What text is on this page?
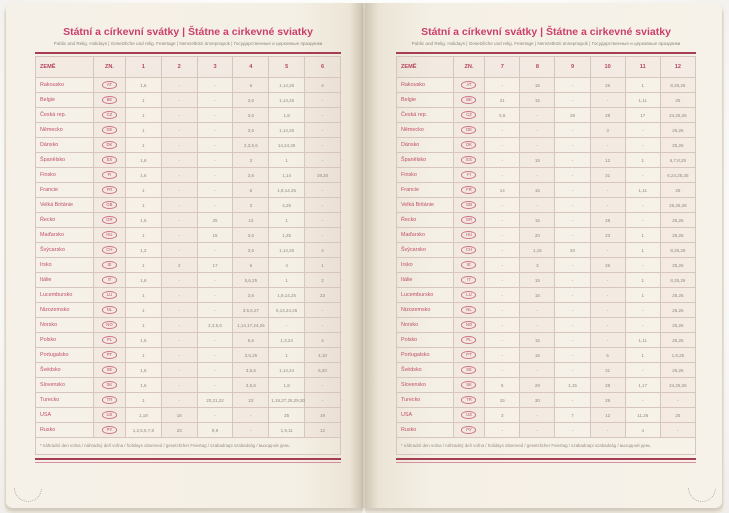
Státní a církevní svátky | Štátne a cirkevné sviatky
Public and Relig. Holidays | Gesetzliche und relig. Feiertage | Nemzetközi ünnepnapok | Государственные и церковные праздники
ZEMĚ	ZN.	1	2	3	4	5	6
Rakousko	AT	1,6	-	-	6	1,14,25	4
Belgie	BE	1	-	-	3,6	1,14,25	-
Česká rep.	CZ	1	-	-	3,6	1,8	-
Německo	DE	1	-	-	3,6	1,14,25	-
Dánsko	DK	1	-	-	2,3,5,6	14,24,25	-
Španělsko	ES	1,6	-	-	3	1	-
Finsko	FI	1,6	-	-	3,6	1,14	19,20
Francie	FR	1	-	-	6	1,8,14,25	-
Velká Británie	GB	1	-	-	3	4,25	-
Řecko	GR	1,6	-	25	13	1	-
Maďarsko	HU	1	-	15	3,6	1,25	-
Švýcarsko	CH	1,2	-	-	3,6	1,14,25	4
Irsko	IE	1	2	17	6	4	1
Itálie	IT	1,6	-	-	5,6,25	1	2
Lucembursko	LU	1	-	-	3,6	1,9,14,25	23
Nizozemsko	NL	1	-	-	3,5,6,27	5,14,24,25	-
Norsko	NO	1	-	2,3,5,6	1,14,17,24,25	-	-
Polsko	PL	1,6	-	-	5,6	1,3,24	4
Portugalsko	PT	1	-	-	3,5,25	1	4,10
Švédsko	SE	1,6	-	-	3,5,6	1,14,24	6,20
Slovensko	SK	1,6	-	-	3,5,6	1,8	-
Turecko	TR	1	-	20,21,22	23	1,19,27,28,29,30	-
USA	US	1,19	16	-	-	25	19
Rusko	РУ	1,2,5,6,7,8	23	8,9	-	1,9,11	12
* náhradní den volna / náhradný deň voľna / holidays observed / gesetzlicher Feiertag / szabadnapi szabadság / выходной день							
Státní a církevní svátky | Štátne a cirkevné sviatky
Public and Relig. Holidays | Gesetzliche und relig. Feiertage | Nemzetközi ünnepnapok | Государственные и церковные праздники
ZEMĚ	ZN.	7	8	9	10	11	12
Rakousko	AT	-	15	-	26	1	8,25,26
Belgie	BE	21	15	-	-	1,11	25
Česká rep.	CZ	5,6	-	28	28	17	24,25,26
Německo	DE	-	-	-	3	-	25,26
Dánsko	DK	-	-	-	-	-	25,26
Španělsko	ES	-	15	-	12	1	6,7,8,25
Finsko	FI	-	-	-	31	-	6,24,25,26
Francie	FR	14	15	-	-	1,11	25
Velká Británie	GB	-	-	-	-	-	25,26,28
Řecko	GR	-	15	-	28	-	25,26
Maďarsko	HU	-	20	-	23	1	25,26
Švýcarsko	CH	-	1,15	20	-	1	8,25,26
Irsko	IE	-	3	-	26	-	25,26
Itálie	IT	-	15	-	-	1	8,25,26
Lucembursko	LU	-	15	-	-	1	25,26
Nizozemsko	NL	-	-	-	-	-	25,26
Norsko	NO	-	-	-	-	-	25,26
Polsko	PL	-	15	-	-	1,11	25,26
Portugalsko	PT	-	15	-	5	1	1,8,25
Švédsko	SE	-	-	-	31	-	25,26
Slovensko	SK	5	29	1,15	28	1,17	24,25,26
Turecko	TR	15	30	-	29	-	-
USA	US	3	-	7	12	11,26	25
Rusko	РУ	-	-	-	-	4	-
* náhradní den volna / náhradný deň voľna / holidays observed / gesetzlicher Feiertag / szabadnapi szabadság / выходной день							
